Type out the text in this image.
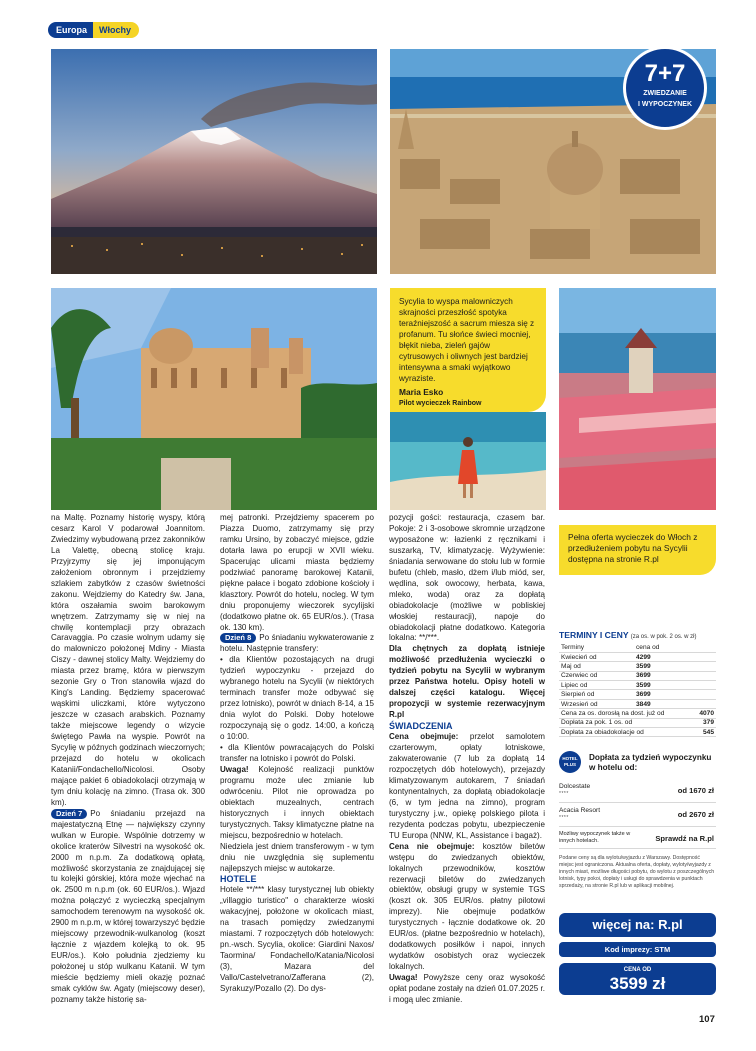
Europa	Włochy
7+7
ZWIEDZANIE
I WYPOCZYNEK
Sycylia to wyspa malowniczych skrajności przeszłość spotyka teraźniejszość a sacrum miesza się z profanum. Tu słońce świeci mocniej, błękit nieba, zieleń gajów cytrusowych i oliwnych jest bardziej intensywna a smaki wyjątkowo wyraziste.
Maria Esko
Pilot wycieczek Rainbow

na Maltę. Poznamy historię wyspy, którą cesarz Karol V podarował Joannitom. Zwiedzimy wybudowaną przez zakonników La Valettę, obecną stolicę kraju. Przyjrzymy się jej imponującym założeniom obronnym i przejdziemy szlakiem zabytków z czasów świetności zakonu. Wejdziemy do Katedry św. Jana, która oszałamia swoim barokowym wnętrzem. Zatrzymamy się w niej na chwilę kontemplacji przy obrazach Caravaggia. Po czasie wolnym udamy się do malowniczo położonej Mdiny - Miasta Ciszy - dawnej stolicy Malty. Wejdziemy do miasta przez bramę, która w pierwszym sezonie Gry o Tron stanowiła wjazd do King's Landing. Będziemy spacerować wąskimi uliczkami, które wytyczono jeszcze w czasach arabskich. Poznamy także miejscowe legendy o wizycie świętego Pawła na wyspie. Powrót na Sycylię w późnych godzinach wieczornych; przejazd do hotelu w okolicach Katanii/Fondachello/Nicolosi. Osoby mające pakiet 6 obiadokolacji otrzymają w tym dniu kolację na zimno. (Trasa ok. 300 km).

Dzień 7 Po śniadaniu przejazd na majestatyczną Etnę — największy czynny wulkan w Europie. Wspólnie dotrzemy w okolice kraterów Silvestri na wysokość ok. 2000 m n.p.m. Za dodatkową opłatą, możliwość skorzystania ze znajdującej się tu kolejki górskiej, która może wjechać na ok. 2500 m n.p.m (ok. 60 EUR/os.). Wjazd można połączyć z wycieczką specjalnym samochodem terenowym na wysokość ok. 2900 m n.p.m, w której towarzyszyć będzie miejscowy przewodnik-wulkanolog (koszt łącznie z wjazdem kolejką to ok. 95 EUR/os.). Koło południa zjedziemy ku położonej u stóp wulkanu Katanii. W tym mieście będziemy mieli okazję poznać smak cyklów św. Agaty (miejscowy deser), poznamy także historię sa-

mej patronki. Przejdziemy spacerem po Piazza Duomo, zatrzymamy się przy ramku Ursino, by zobaczyć miejsce, gdzie dotarła lawa po erupcji w XVII wieku. Spacerując ulicami miasta będziemy podziwiać panoramę barokowej Katanii, piękne pałace i bogato zdobione kościoły i klasztory. Powrót do hotelu, nocleg. W tym dniu proponujemy wieczorek sycylijski (dodatkowo płatne ok. 65 EUR/os.). (Trasa ok. 130 km).

Dzień 8 Po śniadaniu wykwaterowanie z hotelu. Następnie transfery:

• dla Klientów pozostających na drugi tydzień wypoczynku - przejazd do wybranego hotelu na Sycylii (w niektórych terminach transfer może odbywać się przez lotnisko), powrót w dniach 8-14, a 15 dnia wylot do Polski. Doby hotelowe rozpoczynają się o godz. 14:00, a kończą o 10:00.

• dla Klientów powracających do Polski transfer na lotnisko i powrót do Polski.

Uwaga! Kolejność realizacji punktów programu może ulec zmianie lub odwróceniu. Pilot nie oprowadza po obiektach muzealnych, centrach historycznych i innych obiektach turystycznych. Taksy klimatyczne płatne na miejscu, bezpośrednio w hotelach.

Niedziela jest dniem transferowym - w tym dniu nie uwzględnia się suplementu najlepszych miejsc w autokarze.

HOTELE

Hotele **/*** klasy turystycznej lub obiekty „villaggio turistico" o charakterze wioski wakacyjnej, położone w okolicach miast, na trasach pomiędzy zwiedzanymi miastami. 7 rozpoczętych dób hotelowych: pn.-wsch. Sycylia, okolice: Giardini Naxos/ Taormina/ Fondachello/Katania/Nicolosi (3), Mazara del Vallo/Castelvetrano/Zafferana (2), Syrakuzy/Pozallo (2). Do dys-

pozycji gości: restauracja, czasem bar. Pokoje: 2 i 3-osobowe skromnie urządzone wyposażone w: łazienki z ręcznikami i suszarką, TV, klimatyzację. Wyżywienie: śniadania serwowane do stołu lub w formie bufetu (chleb, masło, dżem i/lub miód, ser, wędlina, sok owocowy, herbata, kawa, mleko, woda) oraz za dopłatą obiadokolacje (możliwe w pobliskiej włoskiej restauracji), napoje do obiadokolacji płatne dodatkowo. Kategoria lokalna: **/***.

Dla chętnych za dopłatą istnieje możliwość przedłużenia wycieczki o tydzień pobytu na Sycylii w wybranym przez Państwa hotelu. Opisy hoteli w dalszej części katalogu. Więcej propozycji w systemie rezerwacyjnym R.pl

ŚWIADCZENIA

Cena obejmuje: przelot samolotem czarterowym, opłaty lotniskowe, zakwaterowanie (7 lub za dopłatą 14 rozpoczętych dób hotelowych), przejazdy klimatyzowanym autokarem, 7 śniadań kontynentalnych, za dopłatą obiadokolacje (6, w tym jedna na zimno), program turystyczny j.w., opiekę polskiego pilota i rezydenta podczas pobytu, ubezpieczenie TU Europa (NNW, KL, Assistance i bagaż).

Cena nie obejmuje: kosztów biletów wstępu do zwiedzanych obiektów, lokalnych przewodników, kosztów rezerwacji biletów do zwiedzanych obiektów, obsługi grupy w systemie TGS (koszt ok. 305 EUR/os. płatny pilotowi imprezy). Nie obejmuje podatków turystycznych - łącznie dodatkowe ok. 20 EUR/os. (płatne bezpośrednio w hotelach), dodatkowych posiłków i napoi, innych wydatków osobistych oraz wycieczek lokalnych.

Uwaga! Powyższe ceny oraz wysokość opłat podane zostały na dzień 01.07.2025 r. i mogą ulec zmianie.

Pełna oferta wycieczek do Włoch z przedłużeniem pobytu na Sycylii dostępna na stronie R.pl
TERMINY I CENY (za os. w pok. 2 os. w zł)
Terminy	cena od	
Kwiecień od	4299	
Maj od	3599	
Czerwiec od	3699	
Lipiec od	3599	
Sierpień od	3699	
Wrzesień od	3849	
Cena za os. dorosłą na dost. już od		4070
Dopłata za pok. 1 os. od		379
Dopłata za obiadokolacje od		545
HOTEL
PLUS
Dopłata za tydzień wypoczynku w hotelu od:
Dolcestate
****	od 1670 zł
Acacia Resort
****	od 2670 zł
Możliwy wypoczynek także w innych hotelach.	Sprawdź na R.pl
Podane ceny są dla wylotu/wyjazdu z Warszawy. Dostępność miejsc jest ograniczona. Aktualna oferta, dopłaty, wyloty/wyjazdy z innych miast, możliwe długości pobytu, do wylotu z poszczególnych lotnisk, typy pokoi, dopłaty i usługi do sprawdzenia w punktach sprzedaży, na stronie R.pl lub w aplikacji mobilnej.
więcej na: R.pl
Kod imprezy: STM
CENA OD
3599 zł
107
